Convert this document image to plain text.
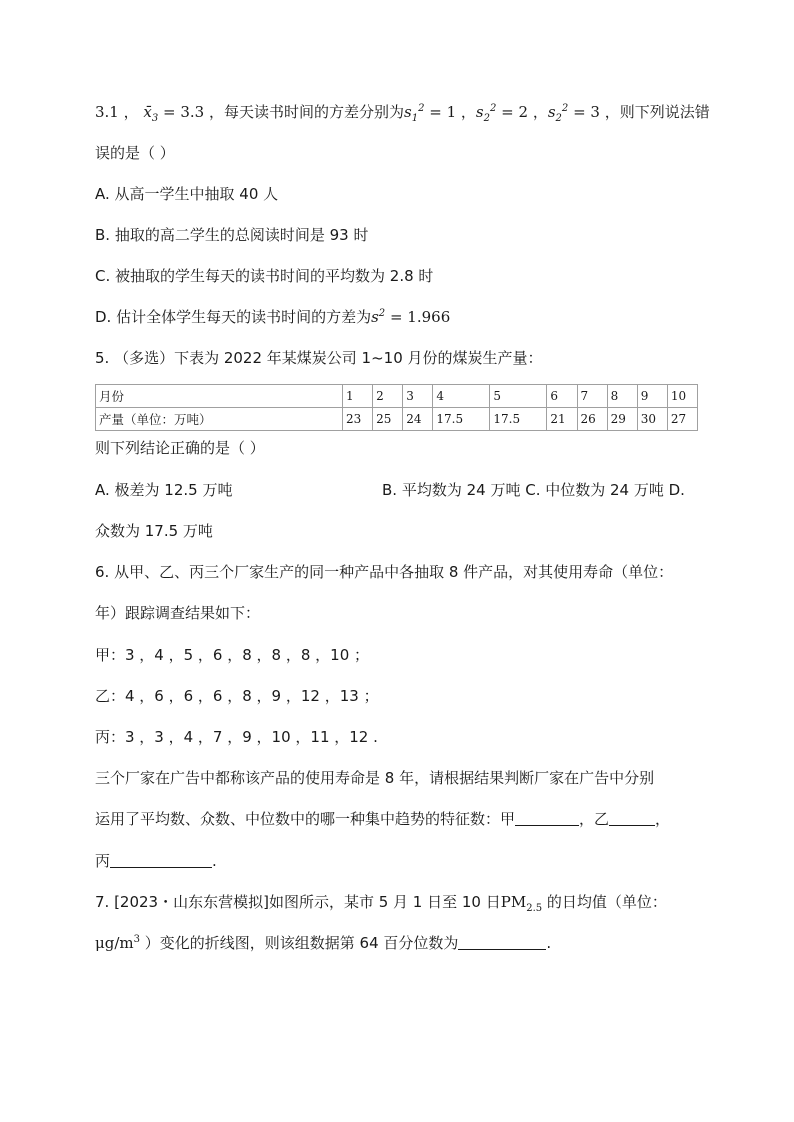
3.1 ， $x̄_3 = 3.3$ ，每天读书时间的方差分别为$s_1^2 = 1$ ，$s_2^2 = 2$ ，$s_2^2 = 3$ ，则下列说法错
误的是（ ）
A. 从高一学生中抽取 40 人
B. 抽取的高二学生的总阅读时间是 93 时
C. 被抽取的学生每天的读书时间的平均数为 2.8 时
D. 估计全体学生每天的读书时间的方差为$s^2 = 1.966$
5. （多选）下表为 2022 年某煤炭公司 1~10 月份的煤炭生产量：
月份	1	2	3	4	5	6	7	8	9	10
产量（单位：万吨）	23	25	24	17.5	17.5	21	26	29	30	27
则下列结论正确的是（ ）
A. 极差为 12.5 万吨	B. 平均数为 24 万吨 C. 中位数为 24 万吨 D.
众数为 17.5 万吨
6. 从甲、乙、丙三个厂家生产的同一种产品中各抽取 8 件产品，对其使用寿命（单位：
年）跟踪调查结果如下：
甲：3 ，4 ，5 ，6 ，8 ，8 ，8 ，10 ；
乙：4 ，6 ，6 ，6 ，8 ，9 ，12 ，13 ；
丙：3 ，3 ，4 ，7 ，9 ，10 ，11 ，12 .
三个厂家在广告中都称该产品的使用寿命是 8 年，请根据结果判断厂家在广告中分别
运用了平均数、众数、中位数中的哪一种集中趋势的特征数：甲	，乙	，
丙	.
7. [2023・山东东营模拟]如图所示，某市 5 月 1 日至 10 日$PM_{2.5}$ 的日均值（单位：
$\mu g/m^3$ ）变化的折线图，则该组数据第 64 百分位数为	.
